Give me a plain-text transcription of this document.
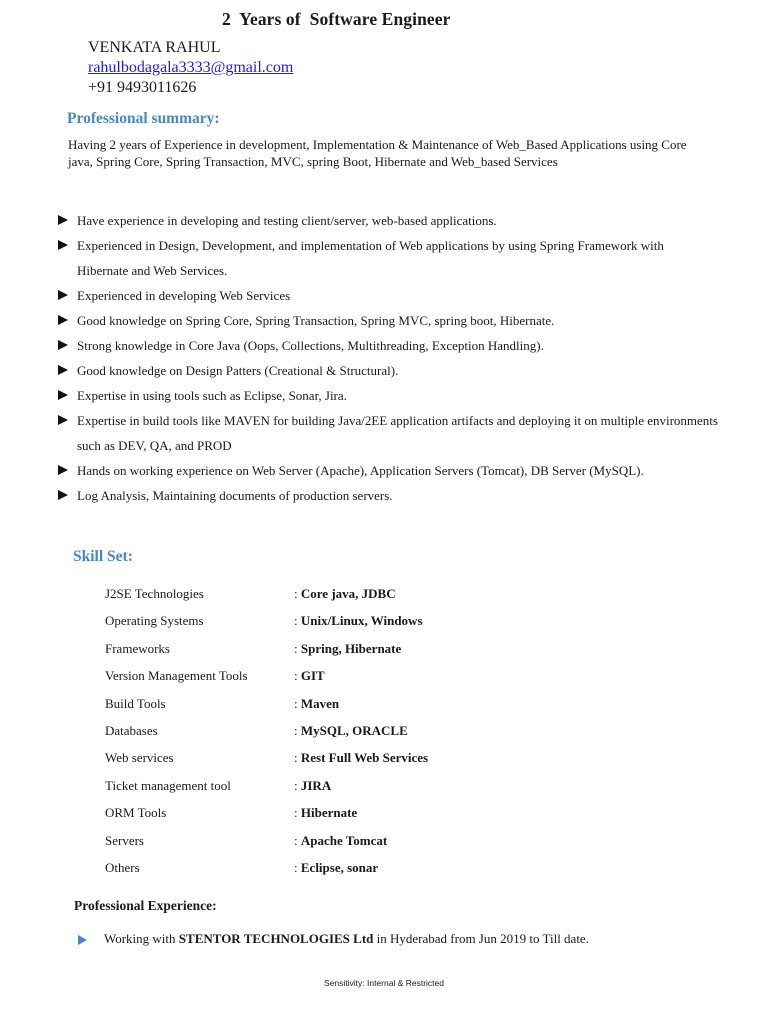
2  Years of  Software Engineer
VENKATA RAHUL
rahulbodagala3333@gmail.com
+91 9493011626
Professional summary:
Having 2 years of Experience in development, Implementation & Maintenance of Web_Based Applications using Core java, Spring Core, Spring Transaction, MVC, spring Boot, Hibernate and Web_based Services
Have experience in developing and testing client/server, web-based applications.
Experienced in Design, Development, and implementation of Web applications by using Spring Framework with Hibernate and Web Services.
Experienced in developing Web Services
Good knowledge on Spring Core, Spring Transaction, Spring MVC, spring boot, Hibernate.
Strong knowledge in Core Java (Oops, Collections, Multithreading, Exception Handling).
Good knowledge on Design Patters (Creational & Structural).
Expertise in using tools such as Eclipse, Sonar, Jira.
Expertise in build tools like MAVEN for building Java/2EE application artifacts and deploying it on multiple environments such as DEV, QA, and PROD
Hands on working experience on Web Server (Apache), Application Servers (Tomcat), DB Server (MySQL).
Log Analysis, Maintaining documents of production servers.
Skill Set:
J2SE Technologies	: Core java, JDBC
Operating Systems	: Unix/Linux, Windows
Frameworks	: Spring, Hibernate
Version Management Tools	: GIT
Build Tools	: Maven
Databases	: MySQL, ORACLE
Web services	: Rest Full Web Services
Ticket management tool	: JIRA
ORM Tools	: Hibernate
Servers	: Apache Tomcat
Others	: Eclipse, sonar
Professional Experience:
Working with STENTOR TECHNOLOGIES Ltd in Hyderabad from Jun 2019 to Till date.
Sensitivity: Internal & Restricted
